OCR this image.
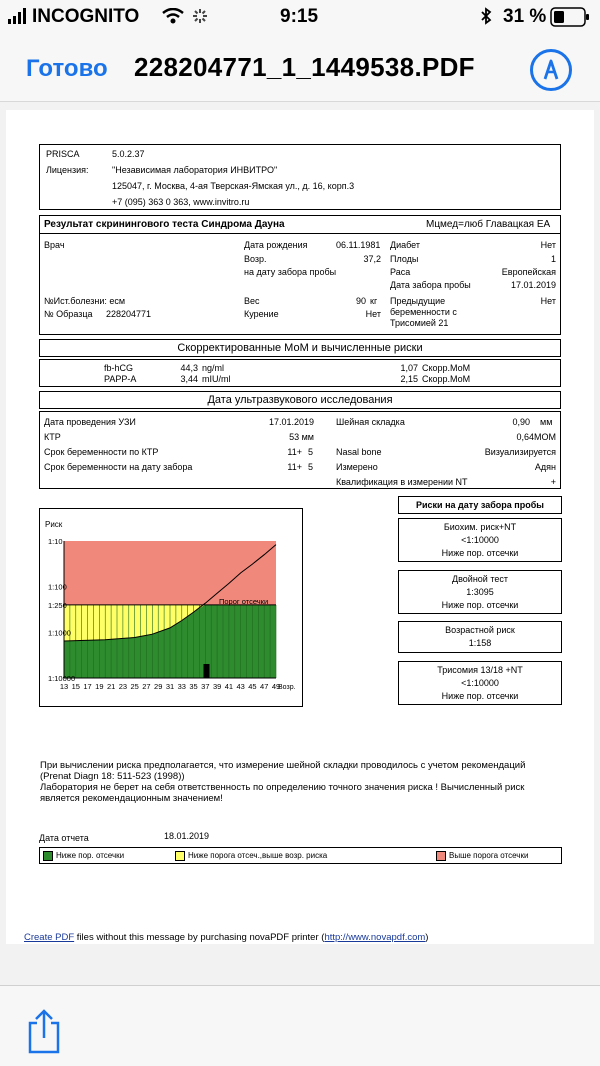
INCOGNITO	9:15	31 %
Готово 228204771_1_1449538.PDF
PRISCA	5.0.2.37
Лицензия:	"Независимая лаборатория ИНВИТРО"
125047, г. Москва, 4-ая Тверская-Ямская ул., д. 16, корп.3
+7 (095) 363 0 363, www.invitro.ru
Результат скринингового теста Синдрома Дауна	Мцмед=люб Главацкая ЕА
Врач	Дата рождения	06.11.1981
Возр.	37,2
на дату забора пробы
Диабет	Нет
Плоды	1
Раса	Европейская
Дата забора пробы	17.01.2019
№Ист.болезни: есм
№ Образца 228204771
Вес	90 кг
Курение	Нет
Предыдущие
беременности с
Трисомией 21
Нет
Скорректированные МоМ и вычисленные риски
fb-hCG	44,3 ng/ml	1,07 Скорр.МоМ
PAPP-A	3,44 mIU/ml	2,15 Скорр.МоМ
Дата ультразвукового исследования
Дата проведения УЗИ	17.01.2019
КТР	53 мм
Срок беременности по КТР	11+ 5
Срок беременности на дату забора	11+ 5
Шейная складка	0,90 мм
0,64МОМ
Nasal bone	Визуализируется
Измерено	Адян
Квалификация в измерении NT	+
Риск
Порог отсечки
1:10
1:100
1:250
1:1000
1:10000
13 15 17 19 21 23 25 27 29 31 33 35 37 39 41 43 45 47 49
Возр.
Риски на дату забора пробы
Биохим. риск+NT
<1:10000
Ниже пор. отсечки
Двойной тест
1:3095
Ниже пор. отсечки
Возрастной риск
1:158
Трисомия 13/18 +NT
<1:10000
Ниже пор. отсечки
При вычислении риска предполагается, что измерение шейной складки проводилось с учетом рекомендаций
(Prenat Diagn 18: 511-523 (1998))
Лаборатория не берет на себя ответственность по определению точного значения риска ! Вычисленный риск
является рекомендационным значением!
Дата отчета	18.01.2019
Ниже пор. отсечки	Ниже порога отсеч.,выше возр. риска	Выше порога отсечки
Create PDF files without this message by purchasing novaPDF printer (http://www.novapdf.com)
